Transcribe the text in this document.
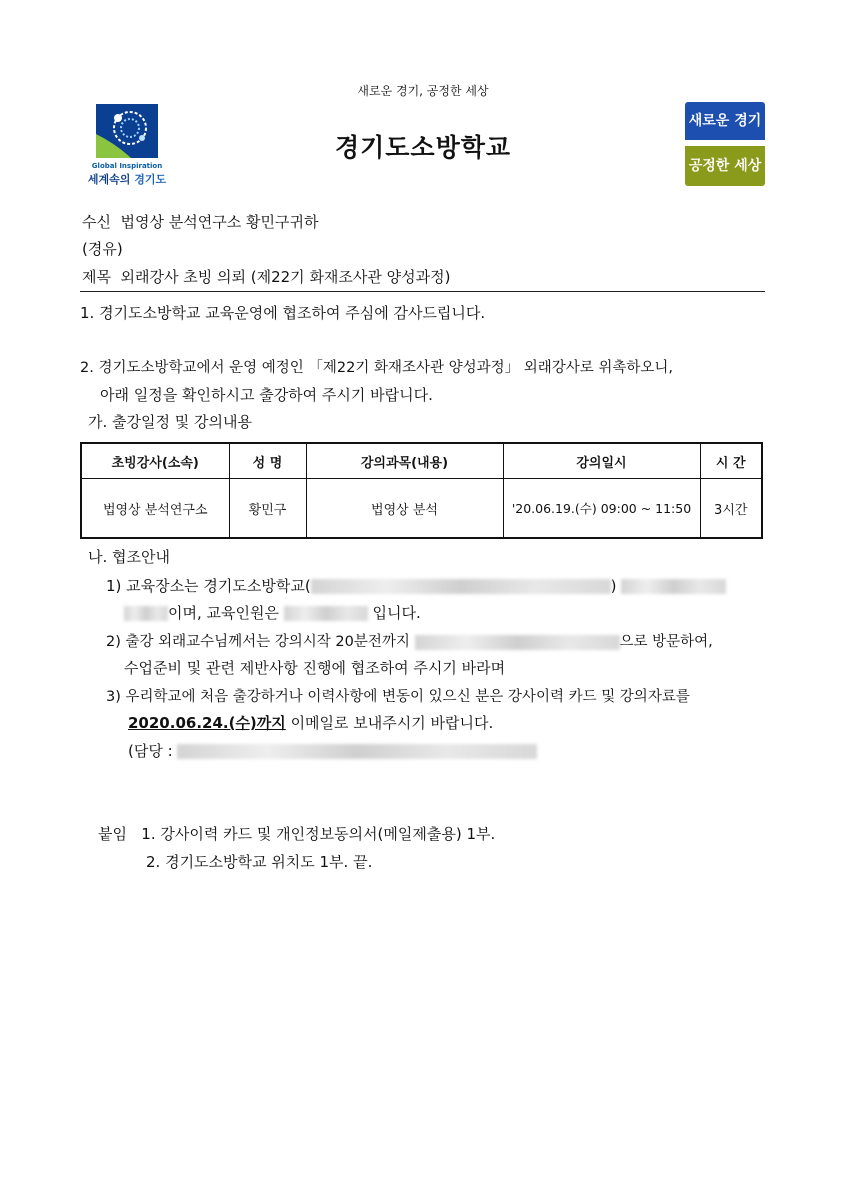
새로운 경기, 공정한 세상
경기도소방학교
Global Inspiration
세계속의 경기도
새로운 경기
공정한 세상
수신 법영상 분석연구소 황민구귀하
(경유)
제목 외래강사 초빙 의뢰 (제22기 화재조사관 양성과정)
1. 경기도소방학교 교육운영에 협조하여 주심에 감사드립니다.
2. 경기도소방학교에서 운영 예정인 「제22기 화재조사관 양성과정」 외래강사로 위촉하오니,
아래 일정을 확인하시고 출강하여 주시기 바랍니다.
가. 출강일정 및 강의내용
초빙강사(소속)	성 명	강의과목(내용)	강의일시	시 간
법영상 분석연구소	황민구	법영상 분석	'20.06.19.(수) 09:00 ~ 11:50	3시간
나. 협조안내
1) 교육장소는 경기도소방학교(	)
이며, 교육인원은	입니다.
2) 출강 외래교수님께서는 강의시작 20분전까지	으로 방문하여,
수업준비 및 관련 제반사항 진행에 협조하여 주시기 바라며
3) 우리학교에 처음 출강하거나 이력사항에 변동이 있으신 분은 강사이력 카드 및 강의자료를
2020.06.24.(수)까지 이메일로 보내주시기 바랍니다.
(담당 :
붙임 1. 강사이력 카드 및 개인정보동의서(메일제출용) 1부.
2. 경기도소방학교 위치도 1부. 끝.
